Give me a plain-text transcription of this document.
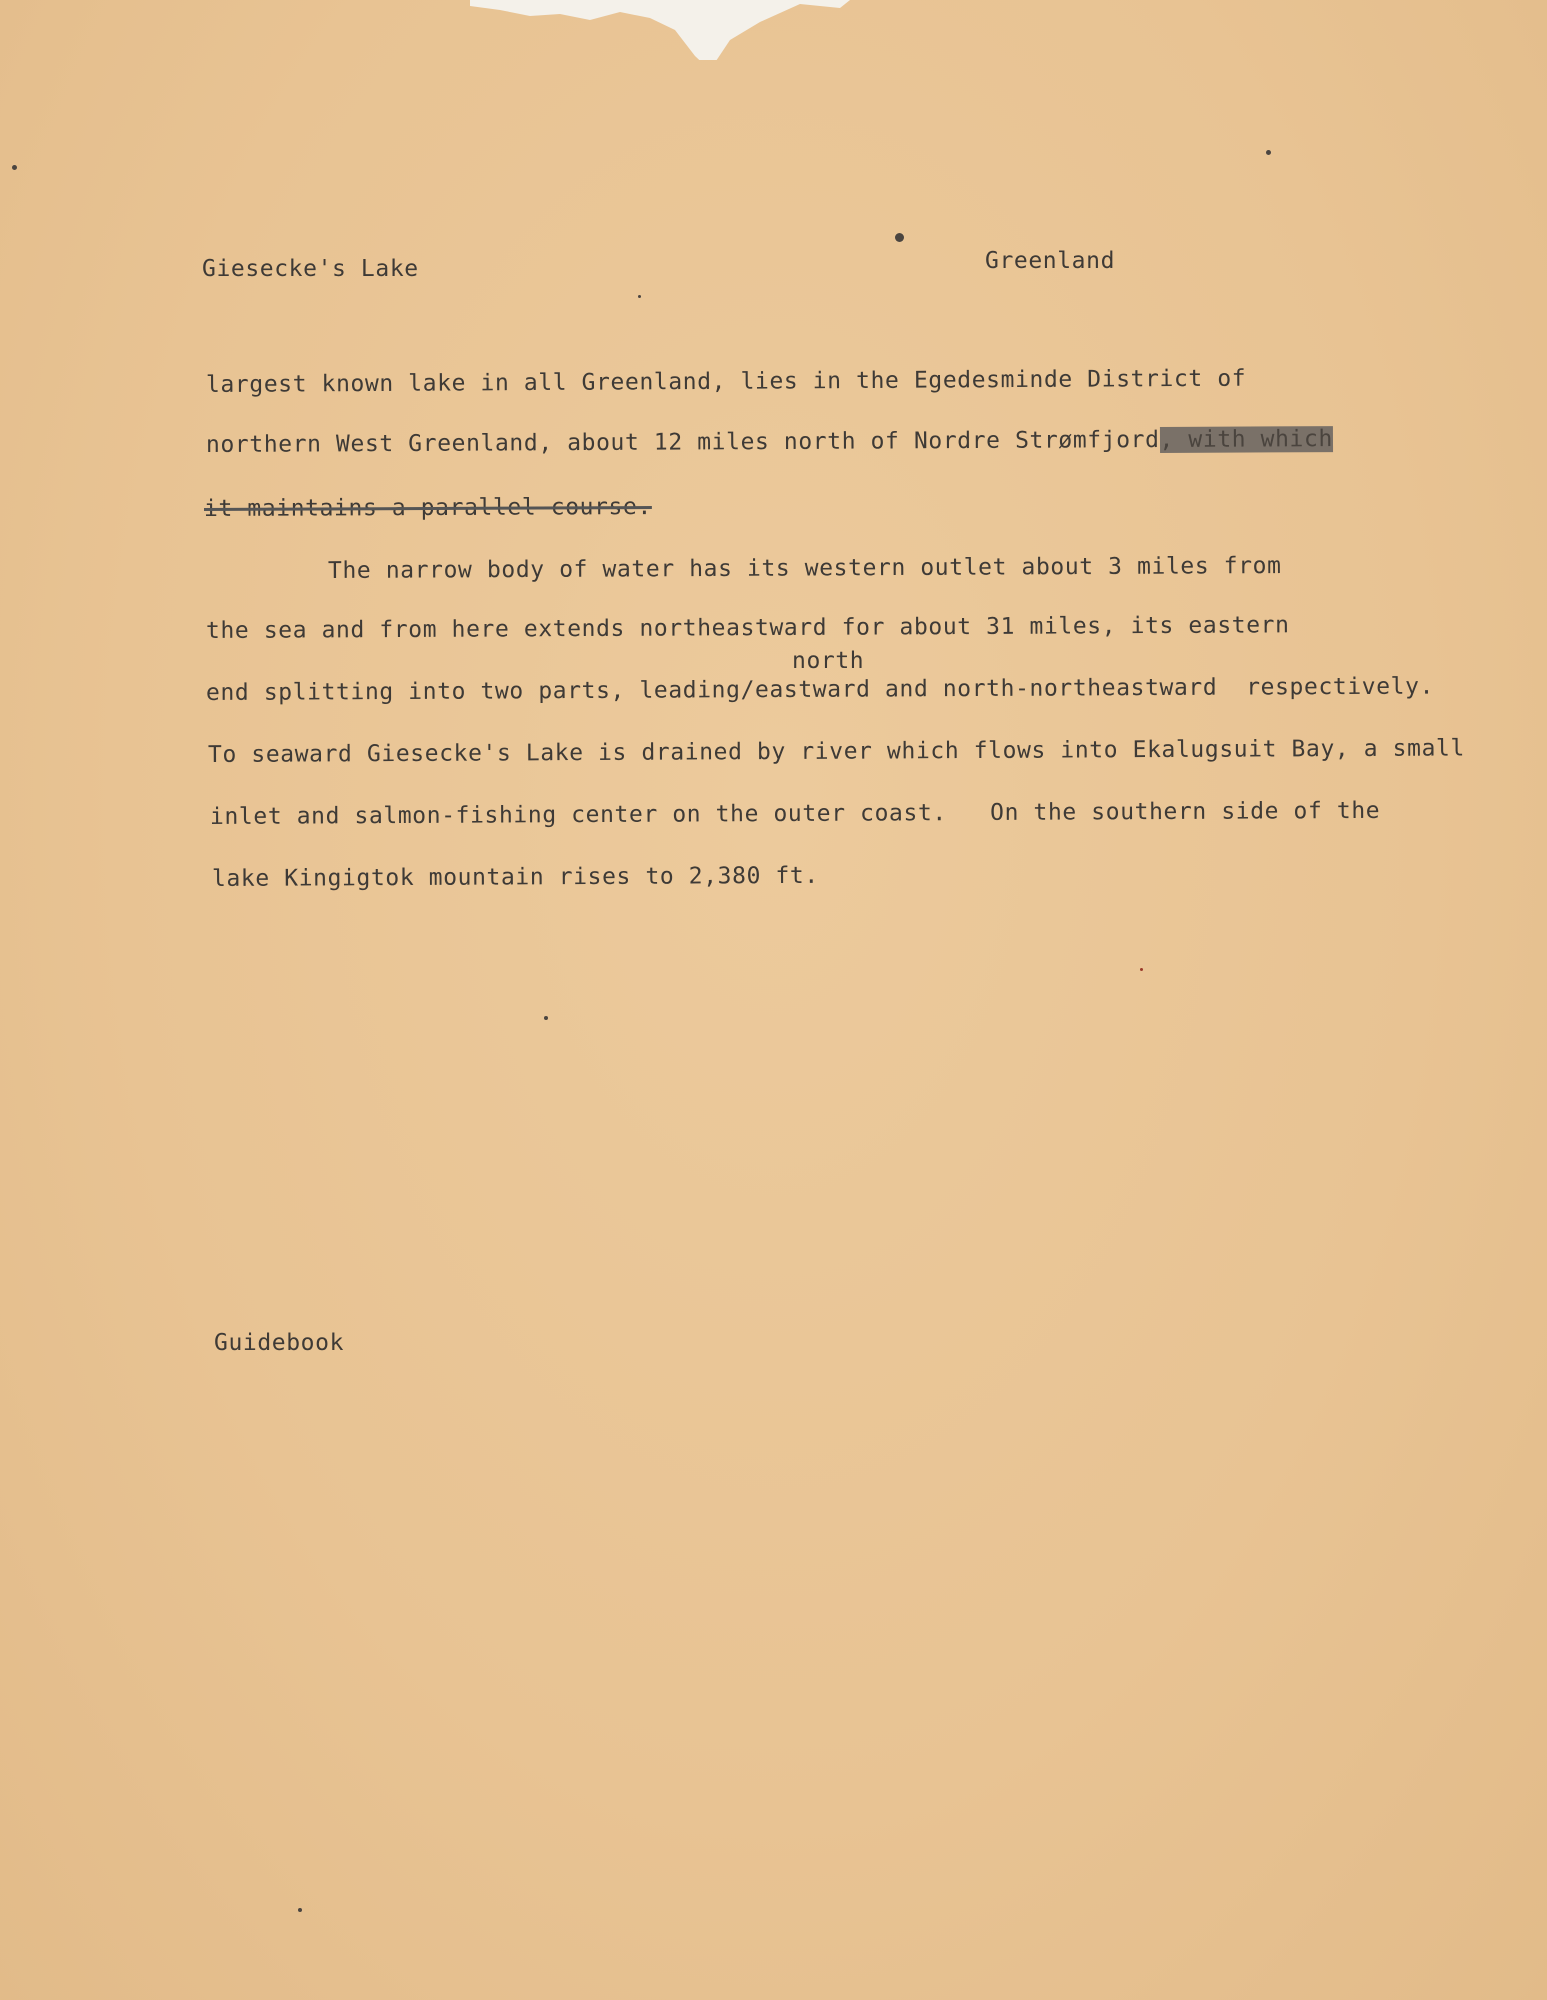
Giesecke's Lake	Greenland
largest known lake in all Greenland, lies in the Egedesminde District of
northern West Greenland, about 12 miles north of Nordre Strømfjord, with which
it maintains a parallel course.
The narrow body of water has its western outlet about 3 miles from
the sea and from here extends northeastward for about 31 miles, its eastern
north
end splitting into two parts, leading/eastward and north-northeastward  respectively.
To seaward Giesecke's Lake is drained by river which flows into Ekalugsuit Bay, a small
inlet and salmon-fishing center on the outer coast.   On the southern side of the
lake Kingigtok mountain rises to 2,380 ft.
Guidebook
